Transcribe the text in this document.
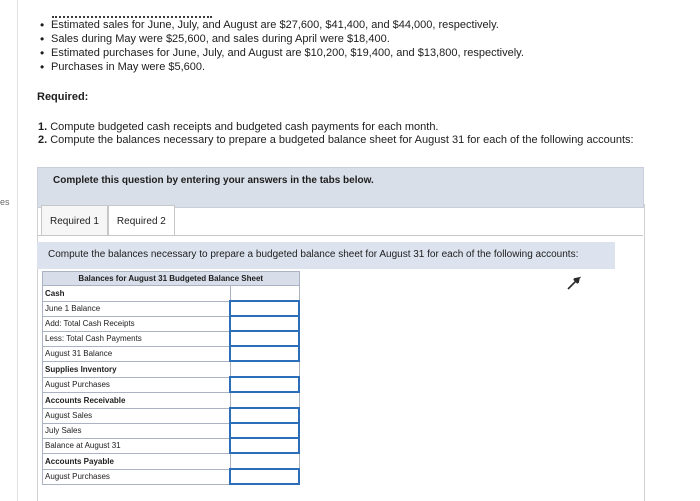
es
• Estimated sales for June, July, and August are $27,600, $41,400, and $44,000, respectively.
• Sales during May were $25,600, and sales during April were $18,400.
• Estimated purchases for June, July, and August are $10,200, $19,400, and $13,800, respectively.
• Purchases in May were $5,600.
Required:
1. Compute budgeted cash receipts and budgeted cash payments for each month.
2. Compute the balances necessary to prepare a budgeted balance sheet for August 31 for each of the following accounts:
Complete this question by entering your answers in the tabs below.
Required 1	Required 2
Compute the balances necessary to prepare a budgeted balance sheet for August 31 for each of the following accounts:
Balances for August 31 Budgeted Balance Sheet	
Cash	
June 1 Balance	
Add: Total Cash Receipts	
Less: Total Cash Payments	
August 31 Balance	
Supplies Inventory	
August Purchases	
Accounts Receivable	
August Sales	
July Sales	
Balance at August 31	
Accounts Payable	
August Purchases	
